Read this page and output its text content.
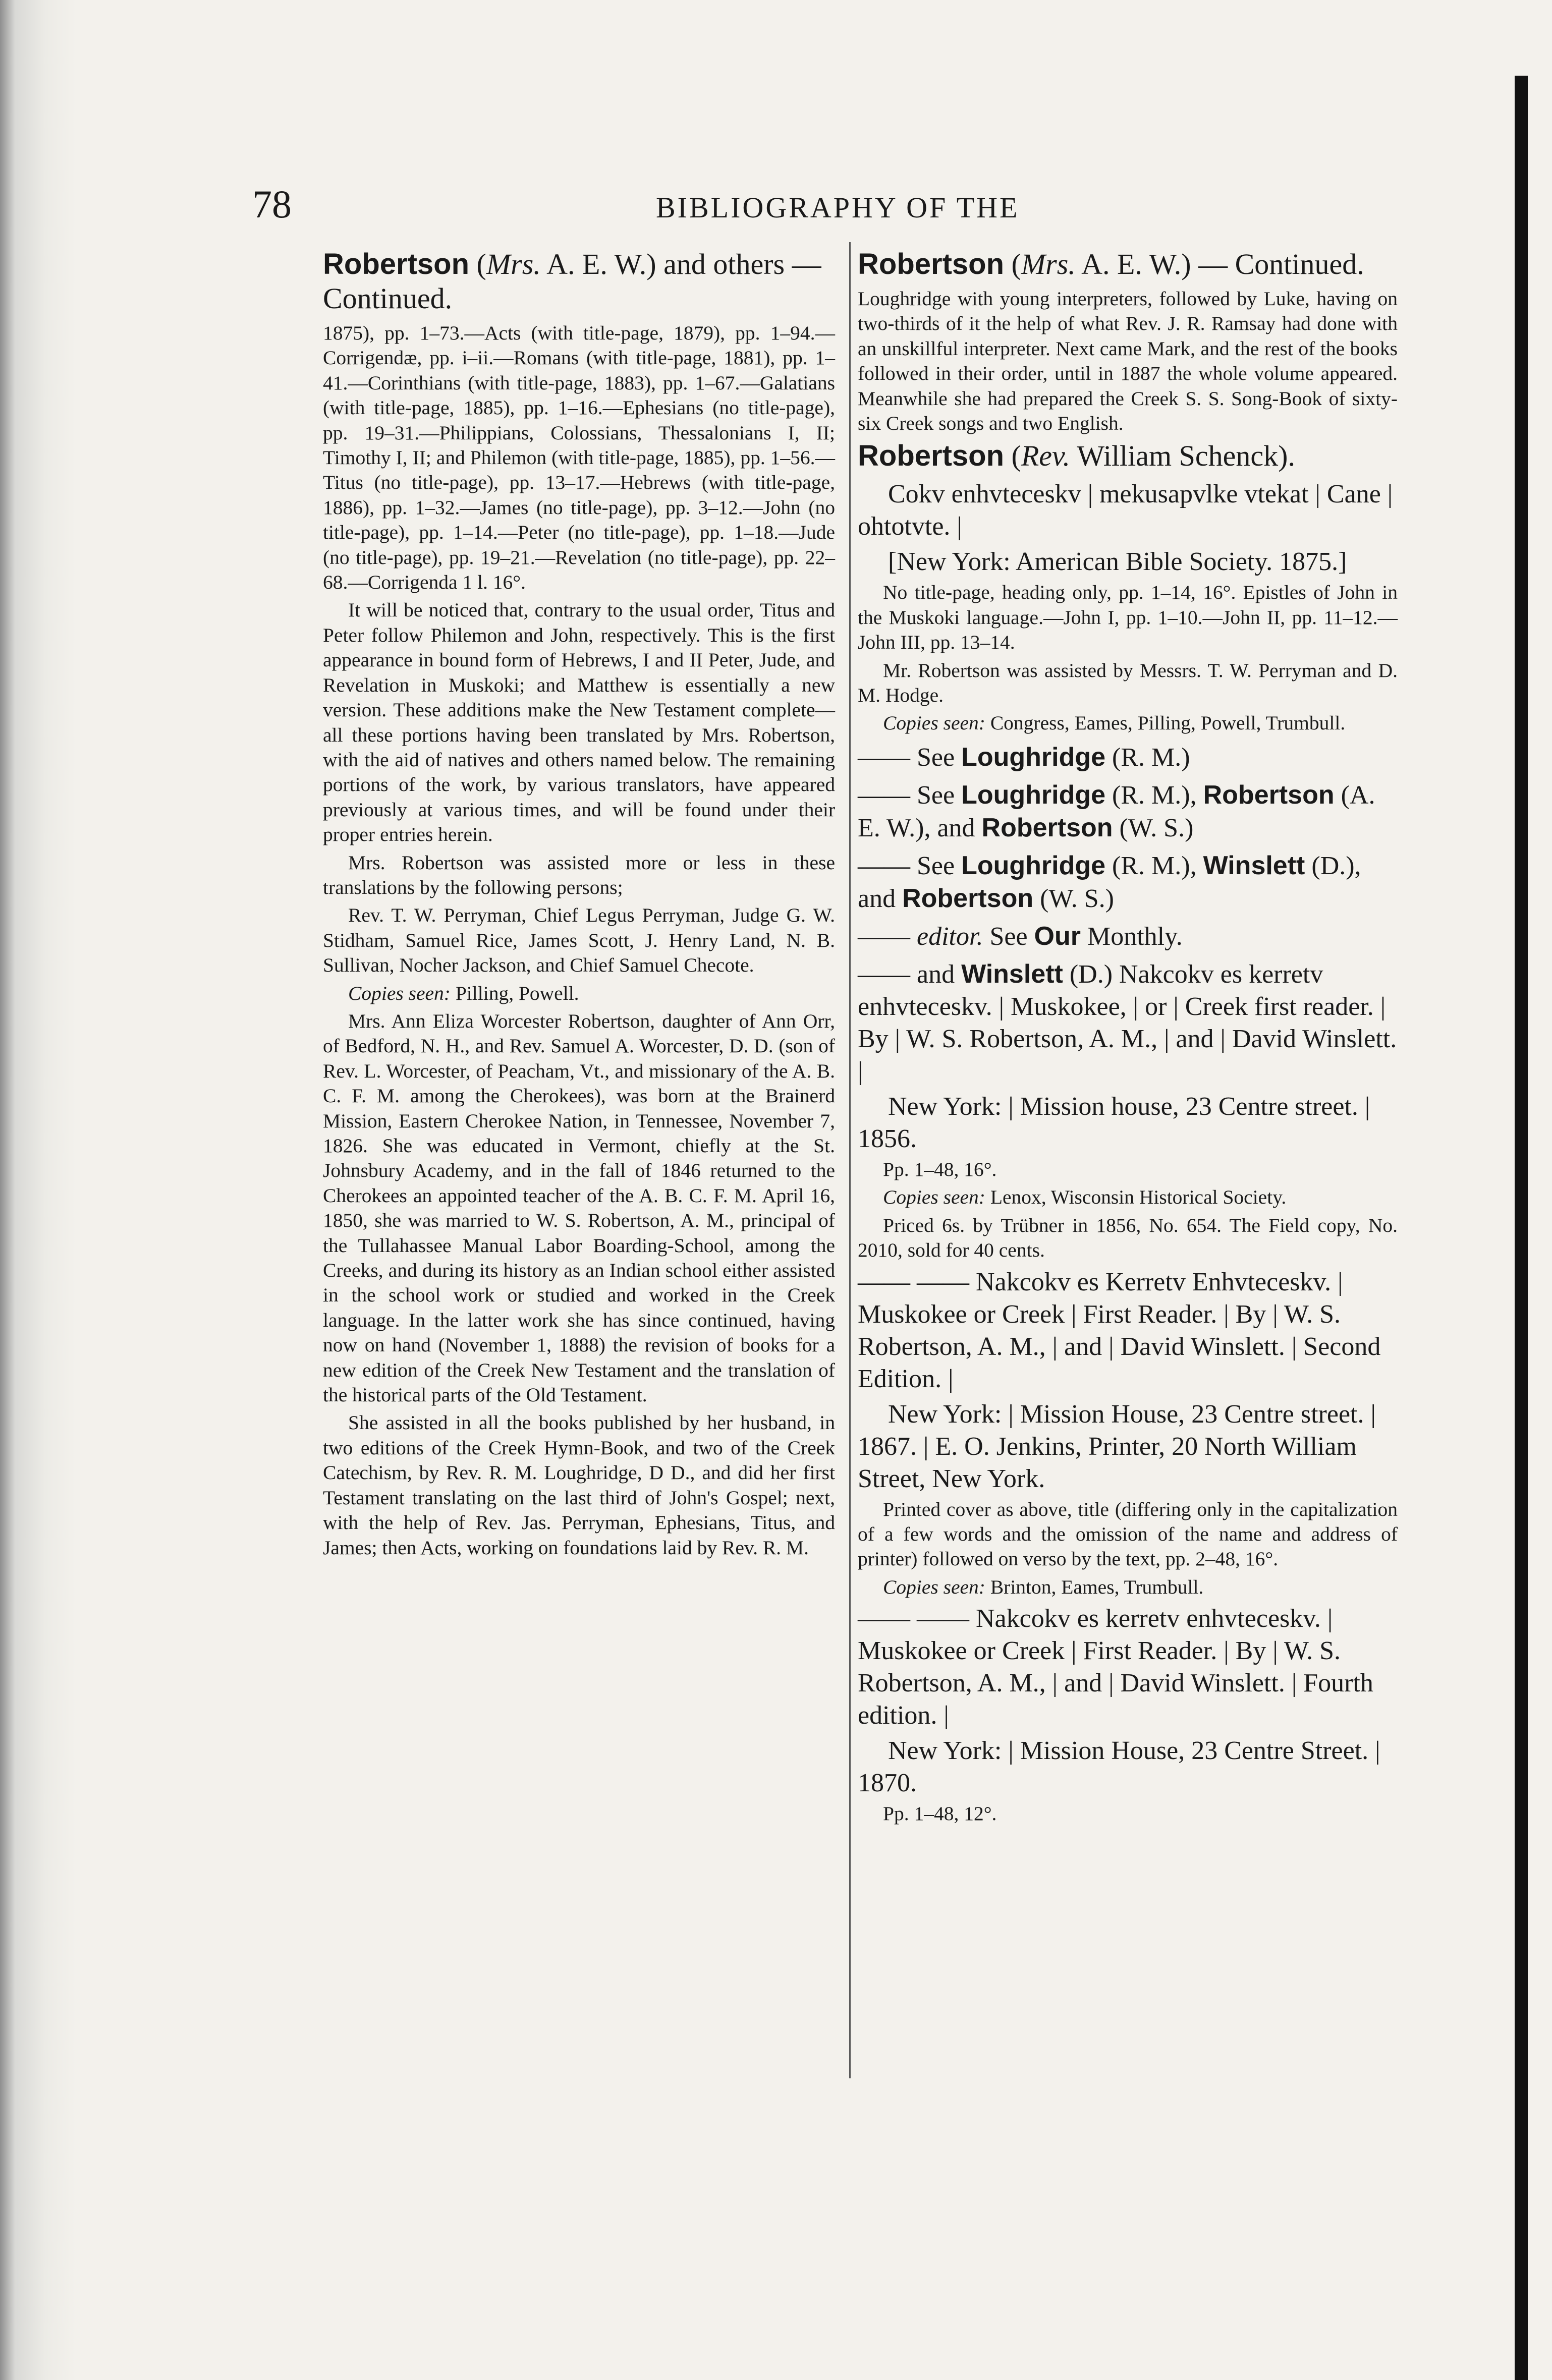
78	BIBLIOGRAPHY OF THE
Robertson (Mrs. A. E. W.) and others —
Continued.

1875), pp. 1–73.—Acts (with title-page, 1879), pp. 1–94.—Corrigendæ, pp. i–ii.—Romans (with title-page, 1881), pp. 1–41.—Corinthians (with title-page, 1883), pp. 1–67.—Galatians (with title-page, 1885), pp. 1–16.—Ephesians (no title-page), pp. 19–31.—Philippians, Colossians, Thessalonians I, II; Timothy I, II; and Philemon (with title-page, 1885), pp. 1–56.—Titus (no title-page), pp. 13–17.—Hebrews (with title-page, 1886), pp. 1–32.—James (no title-page), pp. 3–12.—John (no title-page), pp. 1–14.—Peter (no title-page), pp. 1–18.—Jude (no title-page), pp. 19–21.—Revelation (no title-page), pp. 22–68.—Corrigenda 1 l. 16°.

It will be noticed that, contrary to the usual order, Titus and Peter follow Philemon and John, respectively. This is the first appearance in bound form of Hebrews, I and II Peter, Jude, and Revelation in Muskoki; and Matthew is essentially a new version. These additions make the New Testament complete—all these portions having been translated by Mrs. Robertson, with the aid of natives and others named below. The remaining portions of the work, by various translators, have appeared previously at various times, and will be found under their proper entries herein.

Mrs. Robertson was assisted more or less in these translations by the following persons;

Rev. T. W. Perryman, Chief Legus Perryman, Judge G. W. Stidham, Samuel Rice, James Scott, J. Henry Land, N. B. Sullivan, Nocher Jackson, and Chief Samuel Checote.

Copies seen: Pilling, Powell.

Mrs. Ann Eliza Worcester Robertson, daughter of Ann Orr, of Bedford, N. H., and Rev. Samuel A. Worcester, D. D. (son of Rev. L. Worcester, of Peacham, Vt., and missionary of the A. B. C. F. M. among the Cherokees), was born at the Brainerd Mission, Eastern Cherokee Nation, in Tennessee, November 7, 1826. She was educated in Vermont, chiefly at the St. Johnsbury Academy, and in the fall of 1846 returned to the Cherokees an appointed teacher of the A. B. C. F. M. April 16, 1850, she was married to W. S. Robertson, A. M., principal of the Tullahassee Manual Labor Boarding-School, among the Creeks, and during its history as an Indian school either assisted in the school work or studied and worked in the Creek language. In the latter work she has since continued, having now on hand (November 1, 1888) the revision of books for a new edition of the Creek New Testament and the translation of the historical parts of the Old Testament.

She assisted in all the books published by her husband, in two editions of the Creek Hymn-Book, and two of the Creek Catechism, by Rev. R. M. Loughridge, D D., and did her first Testament translating on the last third of John's Gospel; next, with the help of Rev. Jas. Perryman, Ephesians, Titus, and James; then Acts, working on foundations laid by Rev. R. M.

Robertson (Mrs. A. E. W.) — Continued.

Loughridge with young interpreters, followed by Luke, having on two-thirds of it the help of what Rev. J. R. Ramsay had done with an unskillful interpreter. Next came Mark, and the rest of the books followed in their order, until in 1887 the whole volume appeared. Meanwhile she had prepared the Creek S. S. Song-Book of sixty-six Creek songs and two English.

Robertson (Rev. William Schenck).

Cokv enhvteceskv | mekusapvlke vtekat | Cane | ohtotvte. |

[New York: American Bible Society. 1875.]

No title-page, heading only, pp. 1–14, 16°. Epistles of John in the Muskoki language.—John I, pp. 1–10.—John II, pp. 11–12.—John III, pp. 13–14.

Mr. Robertson was assisted by Messrs. T. W. Perryman and D. M. Hodge.

Copies seen: Congress, Eames, Pilling, Powell, Trumbull.

—— See Loughridge (R. M.)

—— See Loughridge (R. M.), Robertson (A. E. W.), and Robertson (W. S.)

—— See Loughridge (R. M.), Winslett (D.), and Robertson (W. S.)

—— editor. See Our Monthly.

—— and Winslett (D.) Nakcokv es kerretv enhvteceskv. | Muskokee, | or | Creek first reader. | By | W. S. Robertson, A. M., | and | David Winslett. |

New York: | Mission house, 23 Centre street. | 1856.

Pp. 1–48, 16°.

Copies seen: Lenox, Wisconsin Historical Society.

Priced 6s. by Trübner in 1856, No. 654. The Field copy, No. 2010, sold for 40 cents.

—— —— Nakcokv es Kerretv Enhvteceskv. | Muskokee or Creek | First Reader. | By | W. S. Robertson, A. M., | and | David Winslett. | Second Edition. |

New York: | Mission House, 23 Centre street. | 1867. | E. O. Jenkins, Printer, 20 North William Street, New York.

Printed cover as above, title (differing only in the capitalization of a few words and the omission of the name and address of printer) followed on verso by the text, pp. 2–48, 16°.

Copies seen: Brinton, Eames, Trumbull.

—— —— Nakcokv es kerretv enhvteceskv. | Muskokee or Creek | First Reader. | By | W. S. Robertson, A. M., | and | David Winslett. | Fourth edition. |

New York: | Mission House, 23 Centre Street. | 1870.

Pp. 1–48, 12°.
